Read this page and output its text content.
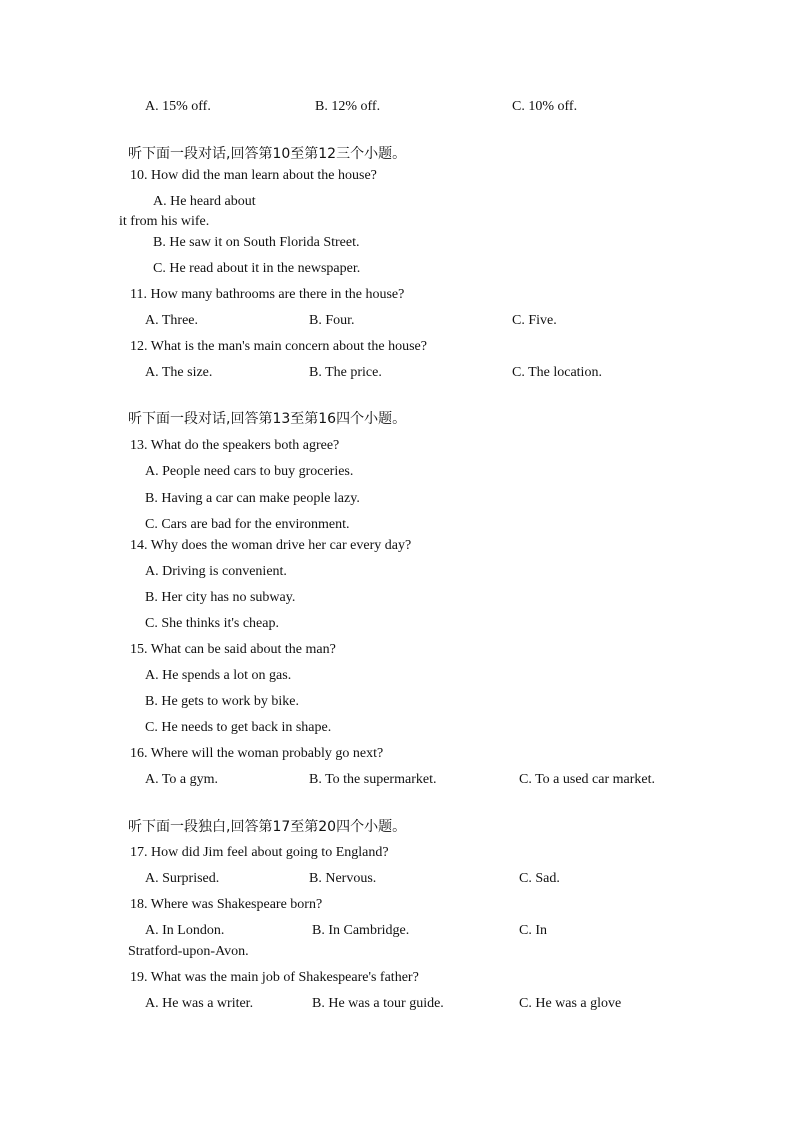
A. 15% off.	B. 12% off.	C. 10% off.
听下面一段对话,回答第10至第12三个小题。
10. How did the man learn about the house?
A. He heard about
it from his wife.
B. He saw it on South Florida Street.
C. He read about it in the newspaper.
11. How many bathrooms are there in the house?
A. Three.	B. Four.	C. Five.
12. What is the man's main concern about the house?
A. The size.	B. The price.	C. The location.
听下面一段对话,回答第13至第16四个小题。
13. What do the speakers both agree?
A. People need cars to buy groceries.
B. Having a car can make people lazy.
C. Cars are bad for the environment.
14. Why does the woman drive her car every day?
A. Driving is convenient.
B. Her city has no subway.
C. She thinks it's cheap.
15. What can be said about the man?
A. He spends a lot on gas.
B. He gets to work by bike.
C. He needs to get back in shape.
16. Where will the woman probably go next?
A. To a gym.	B. To the supermarket.	C. To a used car market.
听下面一段独白,回答第17至第20四个小题。
17. How did Jim feel about going to England?
A. Surprised.	B. Nervous.	C. Sad.
18. Where was Shakespeare born?
A. In London.	B. In Cambridge.	C. In
Stratford-upon-Avon.
19. What was the main job of Shakespeare's father?
A. He was a writer.	B. He was a tour guide.	C. He was a glove
